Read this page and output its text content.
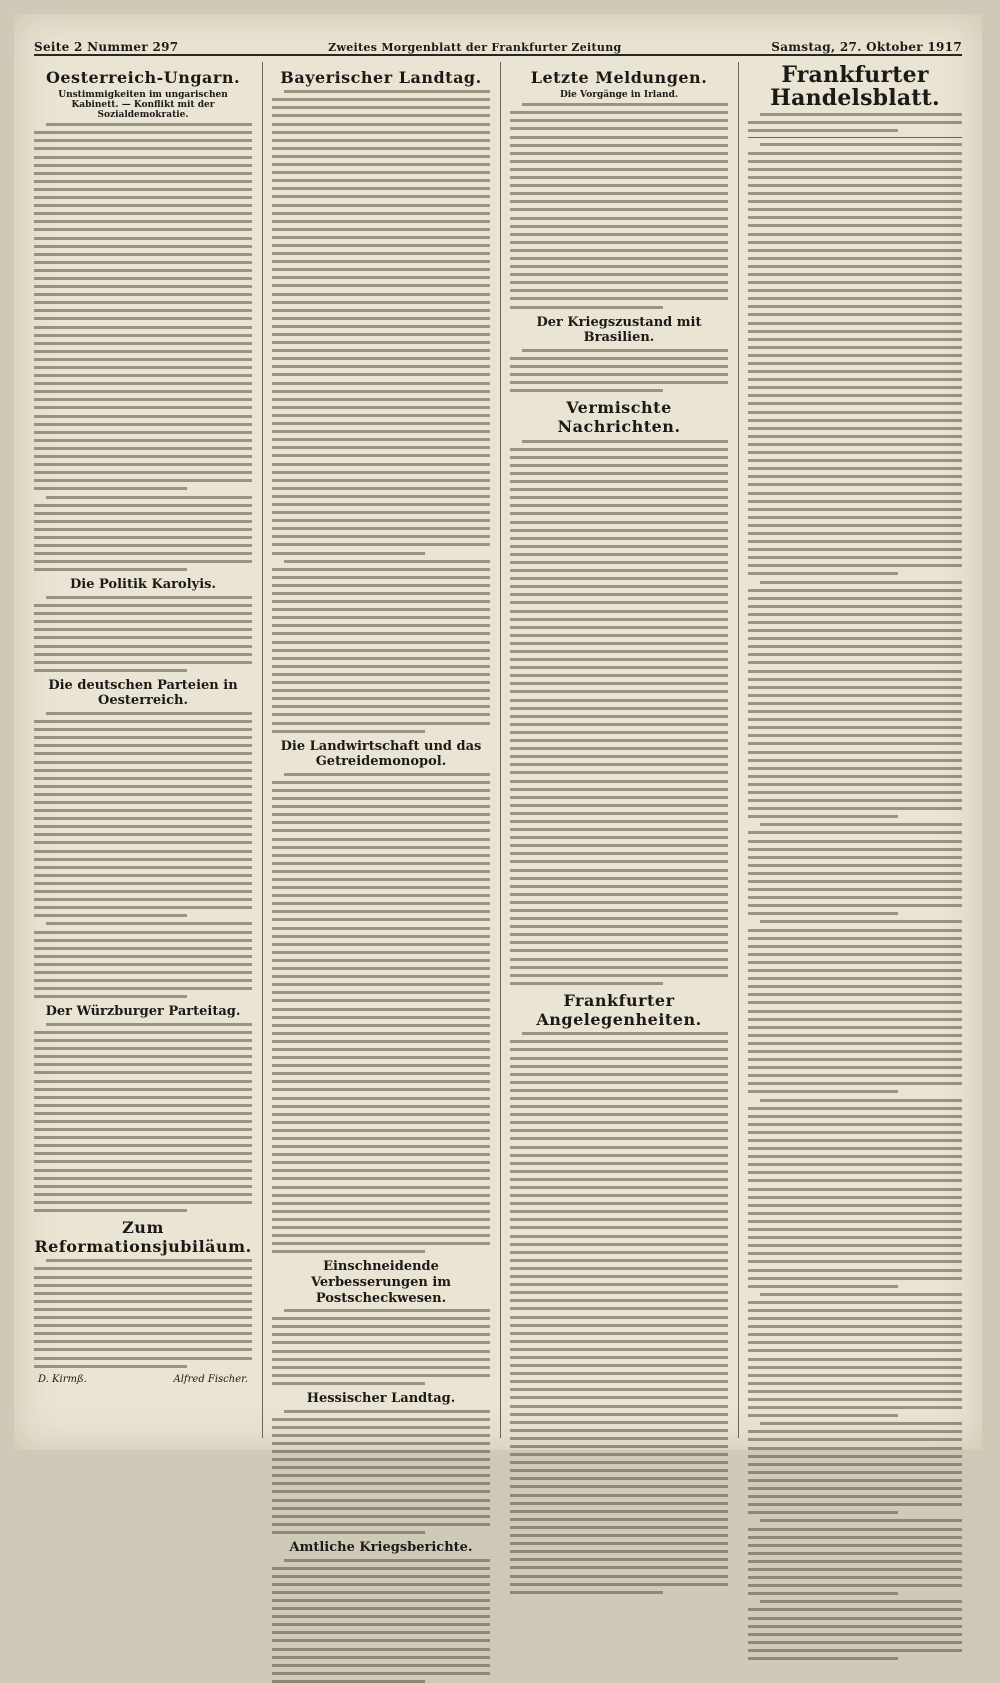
Seite 2 Nummer 297	Zweites Morgenblatt der Frankfurter Zeitung	Samstag, 27. Oktober 1917
Oesterreich-Ungarn.
Unstimmigkeiten im ungarischen Kabinett. — Konflikt mit der Sozialdemokratie.
Die Politik Karolyis.
Die deutschen Parteien in Oesterreich.
Der Würzburger Parteitag.
Zum Reformationsjubiläum.
D. Kirmß.	Alfred Fischer.
Bayerischer Landtag.
Die Landwirtschaft und das Getreidemonopol.
Einschneidende Verbesserungen im Postscheckwesen.
Hessischer Landtag.
Amtliche Kriegsberichte.
Letzte Meldungen.
Die Vorgänge in Irland.
Der Kriegszustand mit Brasilien.
Vermischte Nachrichten.
Frankfurter Angelegenheiten.
Frankfurter Handelsblatt.
